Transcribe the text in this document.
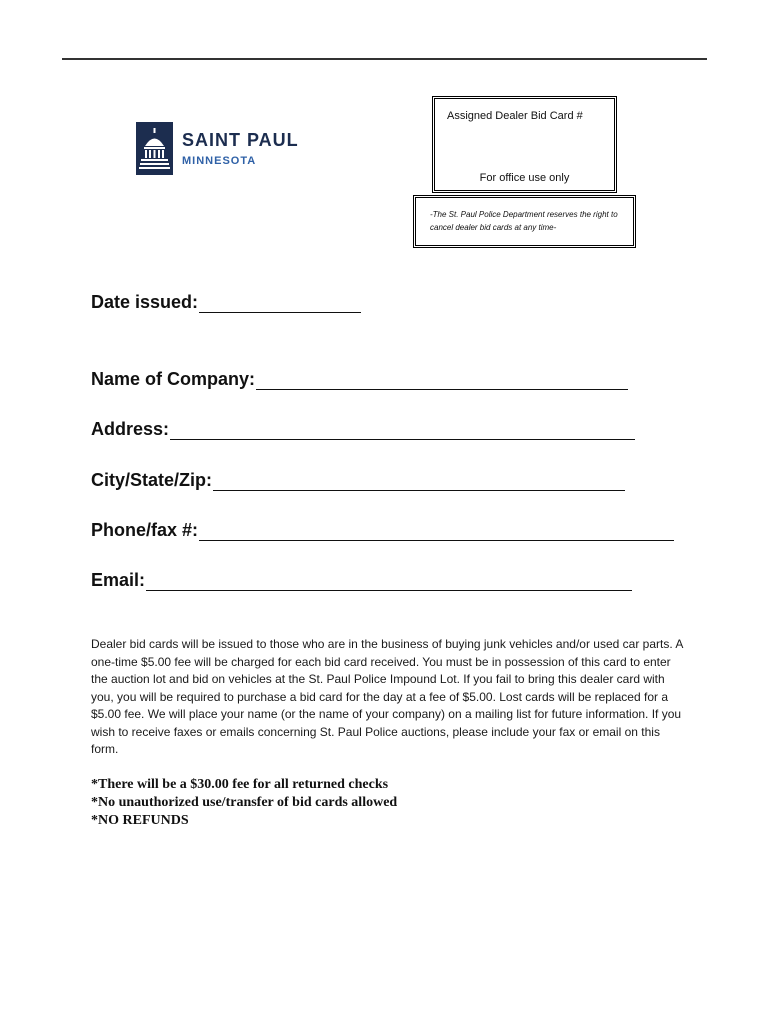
SAINT PAUL
MINNESOTA
Assigned Dealer Bid Card #
For office use only
-The St. Paul Police Department reserves the right to cancel dealer bid cards at any time-
Date issued:
Name of Company:
Address:
City/State/Zip:
Phone/fax #:
Email:
Dealer bid cards will be issued to those who are in the business of buying junk vehicles and/or used car parts. A one-time $5.00 fee will be charged for each bid card received. You must be in possession of this card to enter the auction lot and bid on vehicles at the St. Paul Police Impound Lot. If you fail to bring this dealer card with you, you will be required to purchase a bid card for the day at a fee of $5.00. Lost cards will be replaced for a $5.00 fee. We will place your name (or the name of your company) on a mailing list for future information. If you wish to receive faxes or emails concerning St. Paul Police auctions, please include your fax or email on this form.
*There will be a $30.00 fee for all returned checks
*No unauthorized use/transfer of bid cards allowed
*NO REFUNDS
